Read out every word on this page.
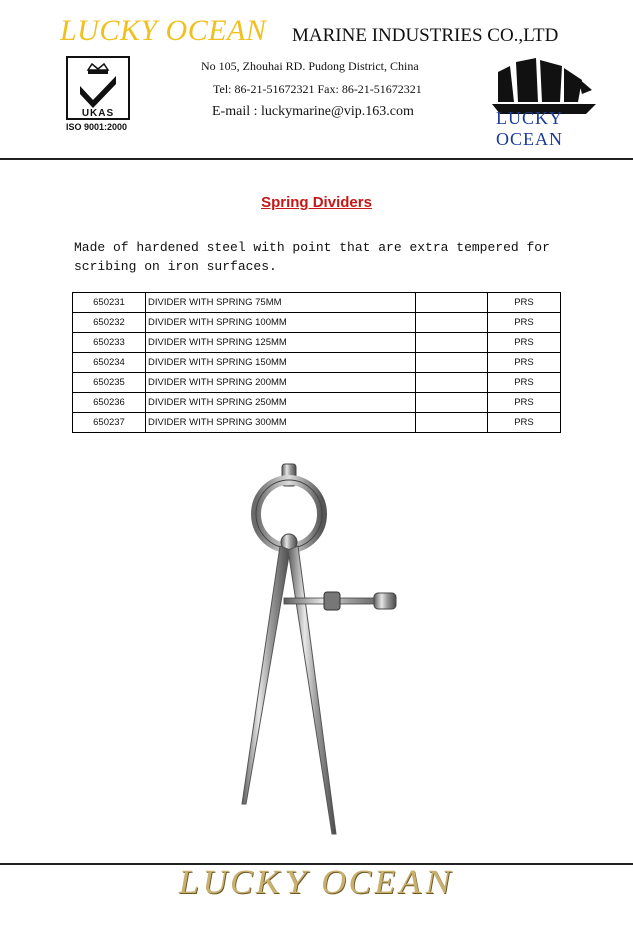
LUCKY OCEAN MARINE INDUSTRIES CO.,LTD
No 105, Zhouhai RD. Pudong District, China
Tel: 86-21-51672321 Fax: 86-21-51672321
E-mail : luckymarine@vip.163.com
UKAS
ISO 9001:2000	LUCKY OCEAN
Spring Dividers
Made of hardened steel with point that are extra tempered for scribing on iron surfaces.
650231	DIVIDER WITH SPRING 75MM		PRS
650232	DIVIDER WITH SPRING 100MM		PRS
650233	DIVIDER WITH SPRING 125MM		PRS
650234	DIVIDER WITH SPRING 150MM		PRS
650235	DIVIDER WITH SPRING 200MM		PRS
650236	DIVIDER WITH SPRING 250MM		PRS
650237	DIVIDER WITH SPRING 300MM		PRS
LUCKY OCEAN
